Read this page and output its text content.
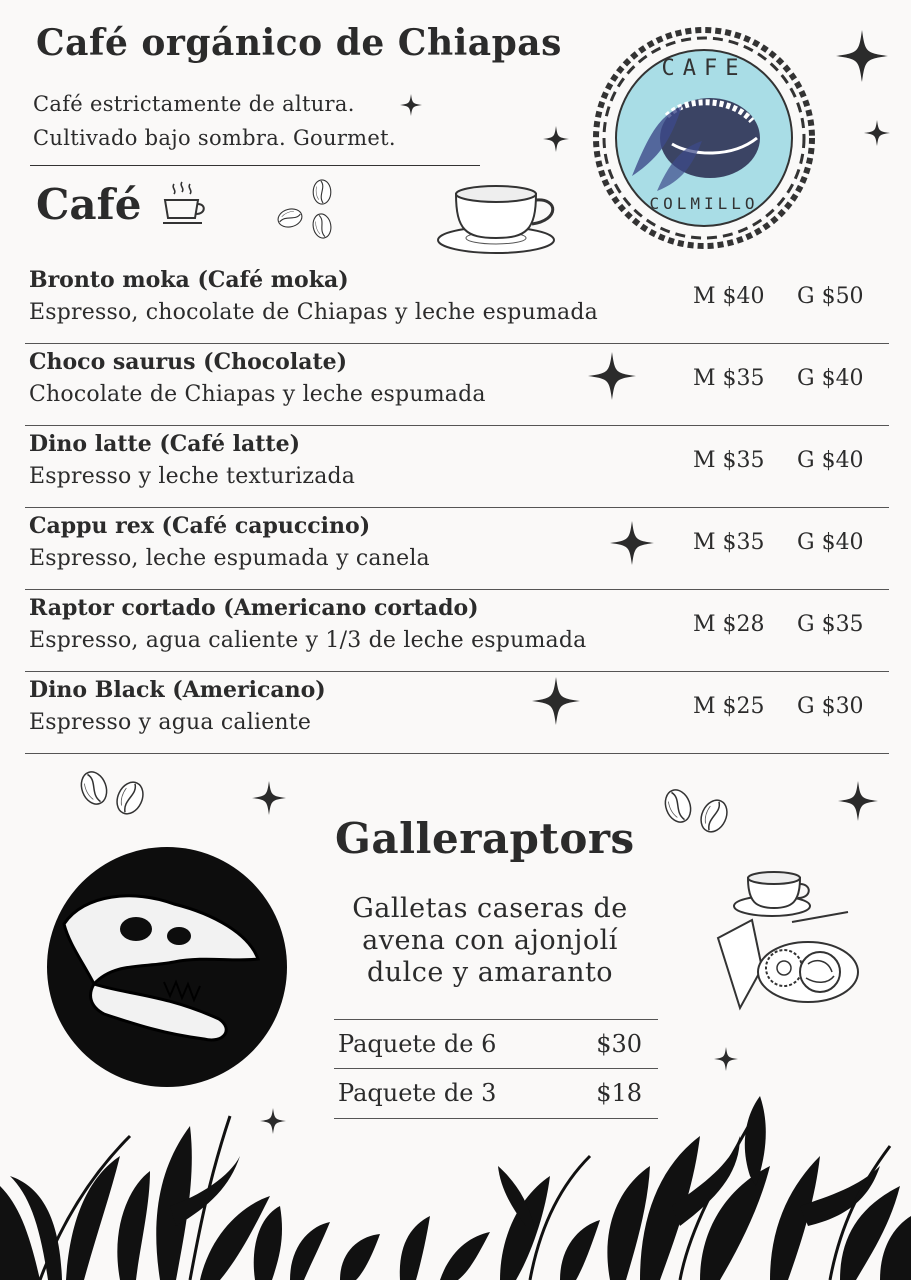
Café orgánico de Chiapas
Café estrictamente de altura.
Cultivado bajo sombra. Gourmet.
CAFE
COLMILLO
Café
Bronto moka (Café moka)
Espresso, chocolate de Chiapas y leche espumada
M $40 G $50
Choco saurus (Chocolate)
Chocolate de Chiapas y leche espumada
M $35 G $40
Dino latte (Café latte)
Espresso y leche texturizada
M $35 G $40
Cappu rex (Café capuccino)
Espresso, leche espumada y canela
M $35 G $40
Raptor cortado (Americano cortado)
Espresso, agua caliente y 1/3 de leche espumada
M $28 G $35
Dino Black (Americano)
Espresso y agua caliente
M $25 G $30
Galleraptors
Galletas caseras de
avena con ajonjolí
dulce y amaranto
Paquete de 6	$30
Paquete de 3	$18
